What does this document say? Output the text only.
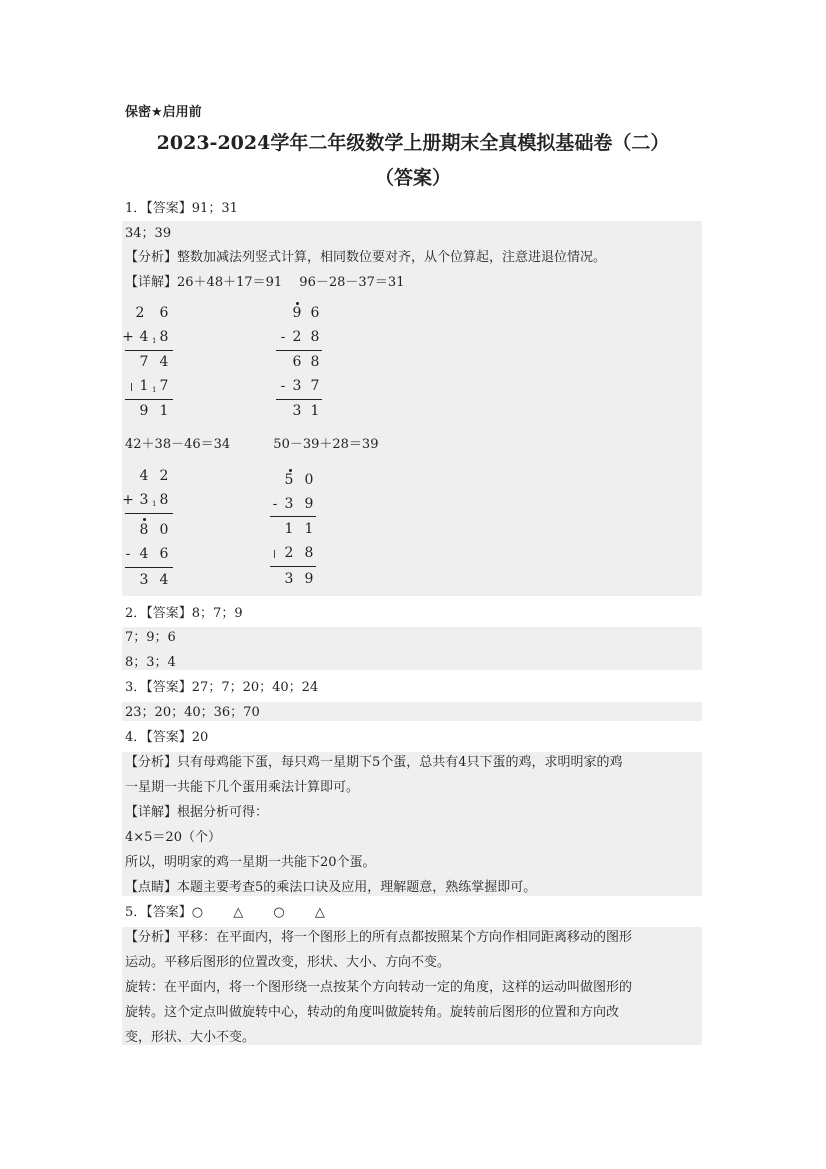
保密★启用前
2023-2024学年二年级数学上册期末全真模拟基础卷（二）
（答案）
1．【答案】91；31
34；39
【分析】整数加减法列竖式计算，相同数位要对齐，从个位算起，注意进退位情况。
【详解】26＋48＋17＝91　 96－28－37＝31
2 6
+ 4 1 8
7 4
1 1 7
9 1
9 6
- 2 8
6 8
- 3 7
3 1
42＋38－46＝34　　　 50－39＋28＝39
4 2
+ 3 1 8
8 0
- 4 6
3 4
5 0
- 3 9
1 1
2 8
3 9
2．【答案】8；7；9
7；9；6
8；3；4
3．【答案】27；7；20；40；24
23；20；40；36；70
4．【答案】20
【分析】只有母鸡能下蛋，每只鸡一星期下5个蛋，总共有4只下蛋的鸡，求明明家的鸡
一星期一共能下几个蛋用乘法计算即可。
【详解】根据分析可得：
4×5＝20（个）
所以，明明家的鸡一星期一共能下20个蛋。
【点睛】本题主要考查5的乘法口诀及应用，理解题意，熟练掌握即可。
5．【答案】○　　 △　　 ○　　 △
【分析】平移：在平面内，将一个图形上的所有点都按照某个方向作相同距离移动的图形
运动。平移后图形的位置改变，形状、大小、方向不变。
旋转：在平面内，将一个图形绕一点按某个方向转动一定的角度，这样的运动叫做图形的
旋转。这个定点叫做旋转中心，转动的角度叫做旋转角。旋转前后图形的位置和方向改
变，形状、大小不变。
